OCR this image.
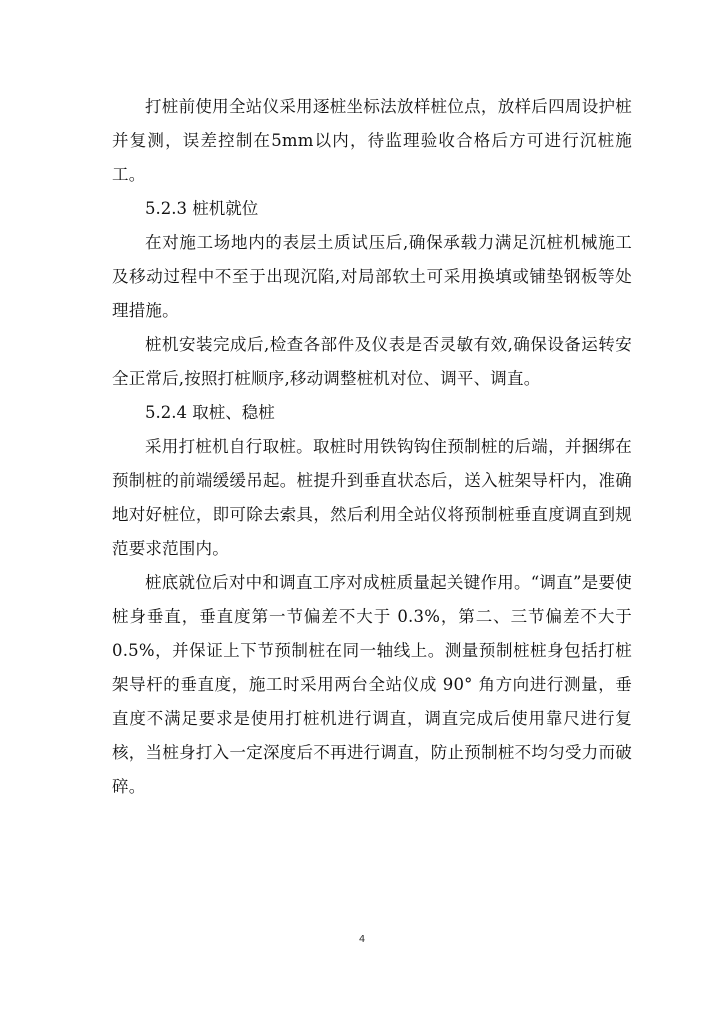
打桩前使用全站仪采用逐桩坐标法放样桩位点，放样后四周设护桩并复测，误差控制在5mm以内，待监理验收合格后方可进行沉桩施工。

5.2.3 桩机就位

在对施工场地内的表层土质试压后,确保承载力满足沉桩机械施工及移动过程中不至于出现沉陷,对局部软土可采用换填或铺垫钢板等处理措施。

桩机安装完成后,检查各部件及仪表是否灵敏有效,确保设备运转安全正常后,按照打桩顺序,移动调整桩机对位、调平、调直。

5.2.4 取桩、稳桩

采用打桩机自行取桩。取桩时用铁钩钩住预制桩的后端，并捆绑在预制桩的前端缓缓吊起。桩提升到垂直状态后，送入桩架导杆内，准确地对好桩位，即可除去索具，然后利用全站仪将预制桩垂直度调直到规范要求范围内。

桩底就位后对中和调直工序对成桩质量起关键作用。“调直”是要使桩身垂直，垂直度第一节偏差不大于 0.3%，第二、三节偏差不大于 0.5%，并保证上下节预制桩在同一轴线上。测量预制桩桩身包括打桩架导杆的垂直度，施工时采用两台全站仪成 90° 角方向进行测量，垂直度不满足要求是使用打桩机进行调直，调直完成后使用靠尺进行复核，当桩身打入一定深度后不再进行调直，防止预制桩不均匀受力而破碎。

4
